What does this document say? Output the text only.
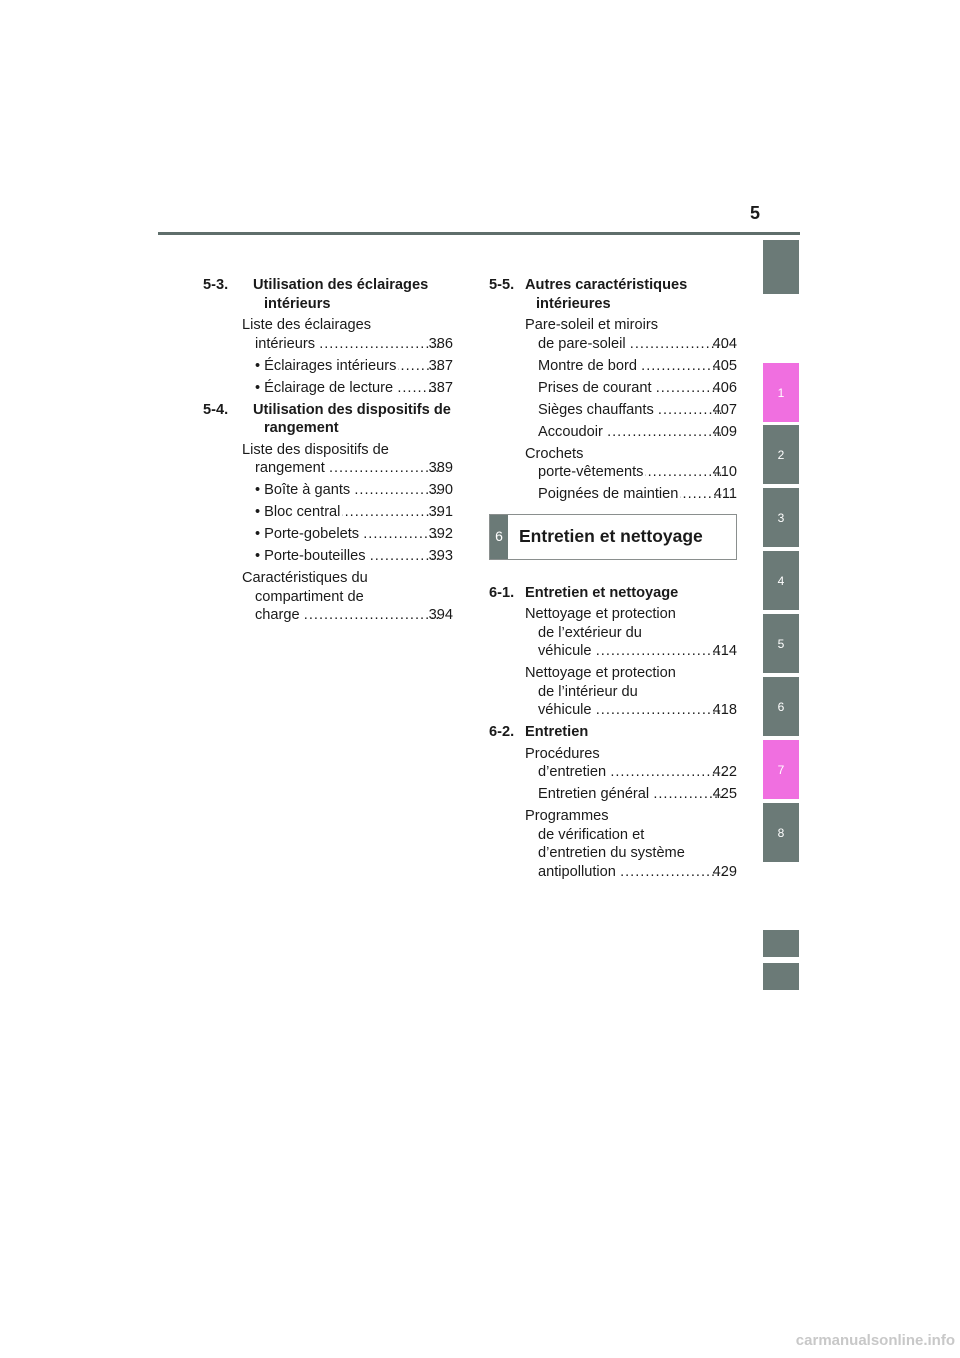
5
1
2
3
4
5
6
7
8
5-3. Utilisation des éclairages
intérieurs
Liste des éclairages
intérieurs .....	386
• Éclairages intérieurs ..... 387
• Éclairage de lecture ..... 387
5-4. Utilisation des dispositifs de
rangement
Liste des dispositifs de
rangement .....	389
• Boîte à gants .....	390
• Bloc central .....	391
• Porte-gobelets .....	392
• Porte-bouteilles .....	393
Caractéristiques du
compartiment de
charge .....	394
5-5. Autres caractéristiques
intérieures
Pare-soleil et miroirs
de pare-soleil .....	404
Montre de bord .....	405
Prises de courant .....	406
Sièges chauffants .....	407
Accoudoir .....	409
Crochets
porte-vêtements .....	410
Poignées de maintien ..... 411
6 Entretien et nettoyage
6-1. Entretien et nettoyage
Nettoyage et protection
de l’extérieur du
véhicule .....	414
Nettoyage et protection
de l’intérieur du
véhicule .....	418
6-2. Entretien
Procédures
d’entretien .....	422
Entretien général .....	425
Programmes
de vérification et
d’entretien du système
antipollution .....	429
carmanualsonline.info
